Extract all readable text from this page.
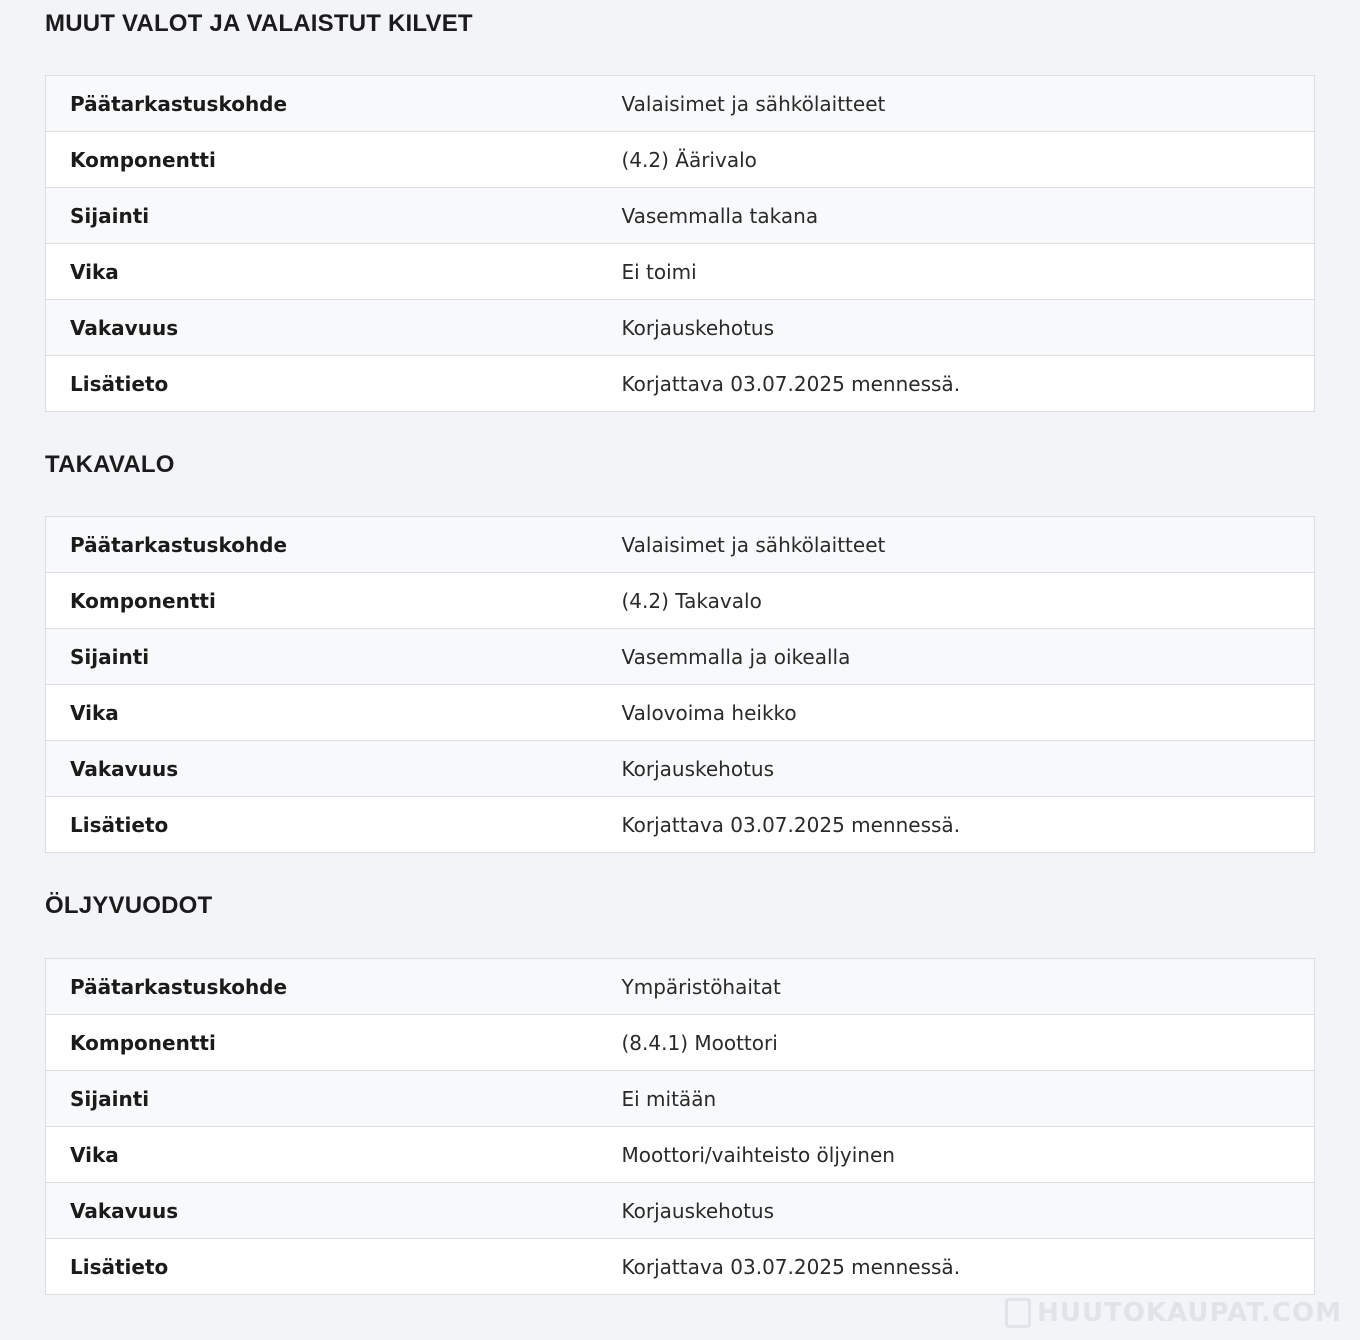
MUUT VALOT JA VALAISTUT KILVET
Päätarkastuskohde	Valaisimet ja sähkölaitteet
Komponentti	(4.2) Äärivalo
Sijainti	Vasemmalla takana
Vika	Ei toimi
Vakavuus	Korjauskehotus
Lisätieto	Korjattava 03.07.2025 mennessä.
TAKAVALO
Päätarkastuskohde	Valaisimet ja sähkölaitteet
Komponentti	(4.2) Takavalo
Sijainti	Vasemmalla ja oikealla
Vika	Valovoima heikko
Vakavuus	Korjauskehotus
Lisätieto	Korjattava 03.07.2025 mennessä.
ÖLJYVUODOT
Päätarkastuskohde	Ympäristöhaitat
Komponentti	(8.4.1) Moottori
Sijainti	Ei mitään
Vika	Moottori/vaihteisto öljyinen
Vakavuus	Korjauskehotus
Lisätieto	Korjattava 03.07.2025 mennessä.
HUUTOKAUPAT.COM
